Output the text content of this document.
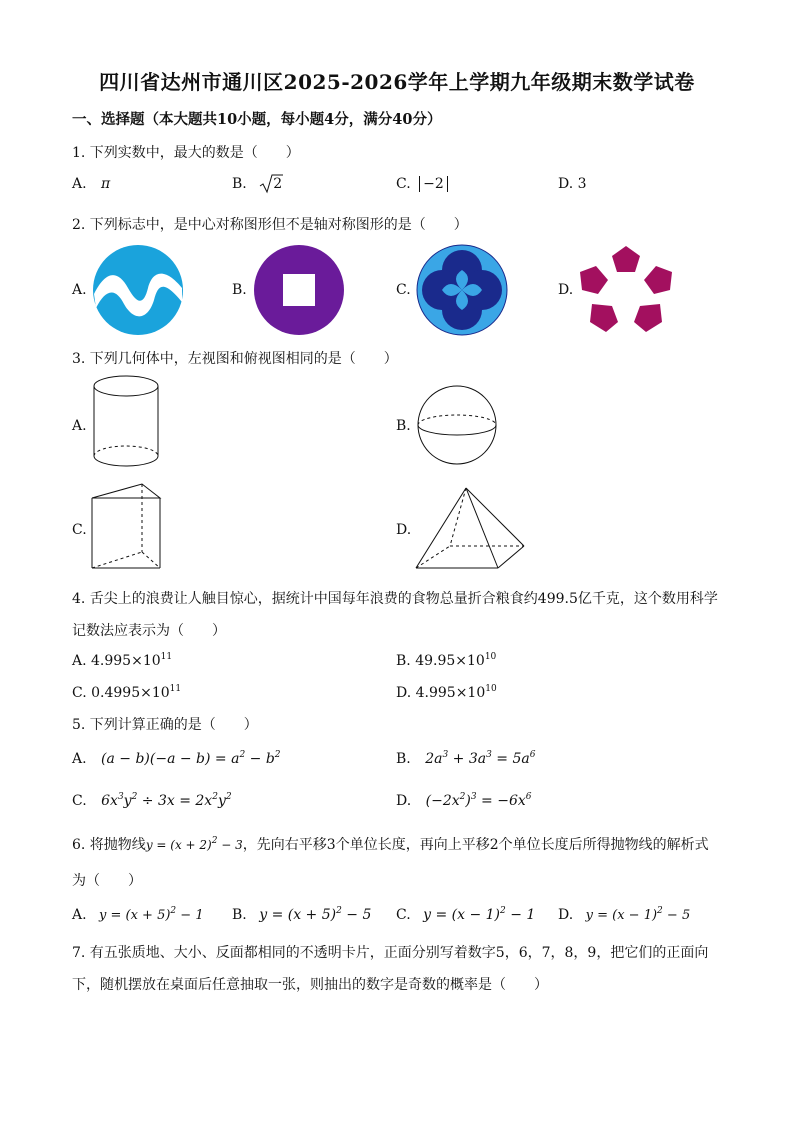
四川省达州市通川区2025-2026学年上学期九年级期末数学试卷
一、选择题（本大题共10小题，每小题4分，满分40分）
1. 下列实数中，最大的数是（　　）
A. π	B. 2	C. −2	D. 3
2. 下列标志中，是中心对称图形但不是轴对称图形的是（　　）
A.	B.	C.	D.
3. 下列几何体中，左视图和俯视图相同的是（　　）
A.	B.
C.	D.
4. 舌尖上的浪费让人触目惊心，据统计中国每年浪费的食物总量折合粮食约499.5亿千克，这个数用科学
记数法应表示为（　　）
A. $4.995\times 10^{11}$	B. $49.95\times 10^{10}$
C. $0.4995\times 10^{11}$	D. $4.995\times 10^{10}$
5. 下列计算正确的是（　　）
A. $(a - b)(-a - b) = a^2 - b^2$	B. $2a^3 + 3a^3 = 5a^6$
C. $6x^3y^2 \div 3x = 2x^2y^2$	D. $(-2x^2)^3 = -6x^6$
6. 将抛物线$y = (x + 2)^2 - 3$，先向右平移3个单位长度，再向上平移2个单位长度后所得抛物线的解析式
为（　　）
A. $y = (x + 5)^2 - 1$ B. $y = (x + 5)^2 - 5$ C. $y = (x - 1)^2 - 1$ D. $y = (x - 1)^2 - 5$
7. 有五张质地、大小、反面都相同的不透明卡片，正面分别写着数字5，6，7，8，9，把它们的正面向
下，随机摆放在桌面后任意抽取一张，则抽出的数字是奇数的概率是（　　）
